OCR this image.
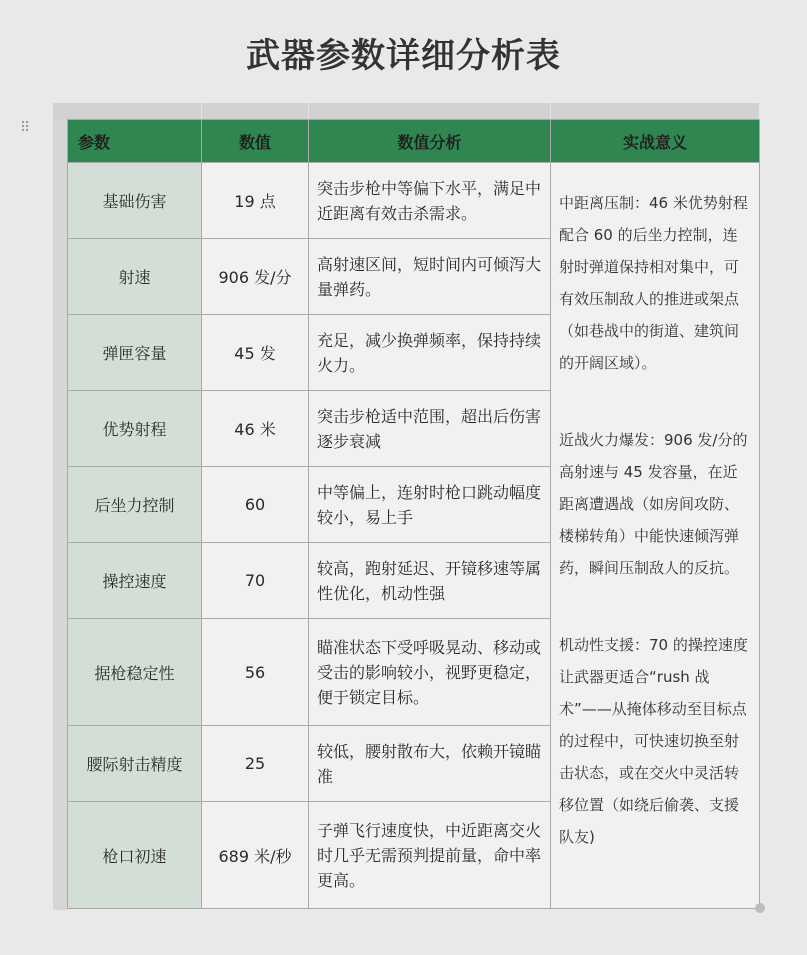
武器参数详细分析表
⠿
参数	数值	数值分析	实战意义
基础伤害	19 点	突击步枪中等偏下水平，满足中近距离有效击杀需求。	中距离压制：46 米优势射程配合 60 的后坐力控制，连射时弹道保持相对集中，可有效压制敌人的推进或架点（如巷战中的街道、建筑间的开阔区域）。

近战火力爆发：906 发/分的高射速与 45 发容量，在近距离遭遇战（如房间攻防、楼梯转角）中能快速倾泻弹药，瞬间压制敌人的反抗。

机动性支援：70 的操控速度让武器更适合“rush 战术”——从掩体移动至目标点的过程中，可快速切换至射击状态，或在交火中灵活转移位置（如绕后偷袭、支援队友)

射速	906 发/分	高射速区间，短时间内可倾泻大量弹药。	
弹匣容量	45 发	充足，减少换弹频率，保持持续火力。	
优势射程	46 米	突击步枪适中范围，超出后伤害逐步衰减	
后坐力控制	60	中等偏上，连射时枪口跳动幅度较小，易上手	
操控速度	70	较高，跑射延迟、开镜移速等属性优化，机动性强	
据枪稳定性	56	瞄准状态下受呼吸晃动、移动或受击的影响较小，视野更稳定，便于锁定目标。	
腰际射击精度	25	较低，腰射散布大，依赖开镜瞄准	
枪口初速	689 米/秒	子弹飞行速度快，中近距离交火时几乎无需预判提前量，命中率更高。	
